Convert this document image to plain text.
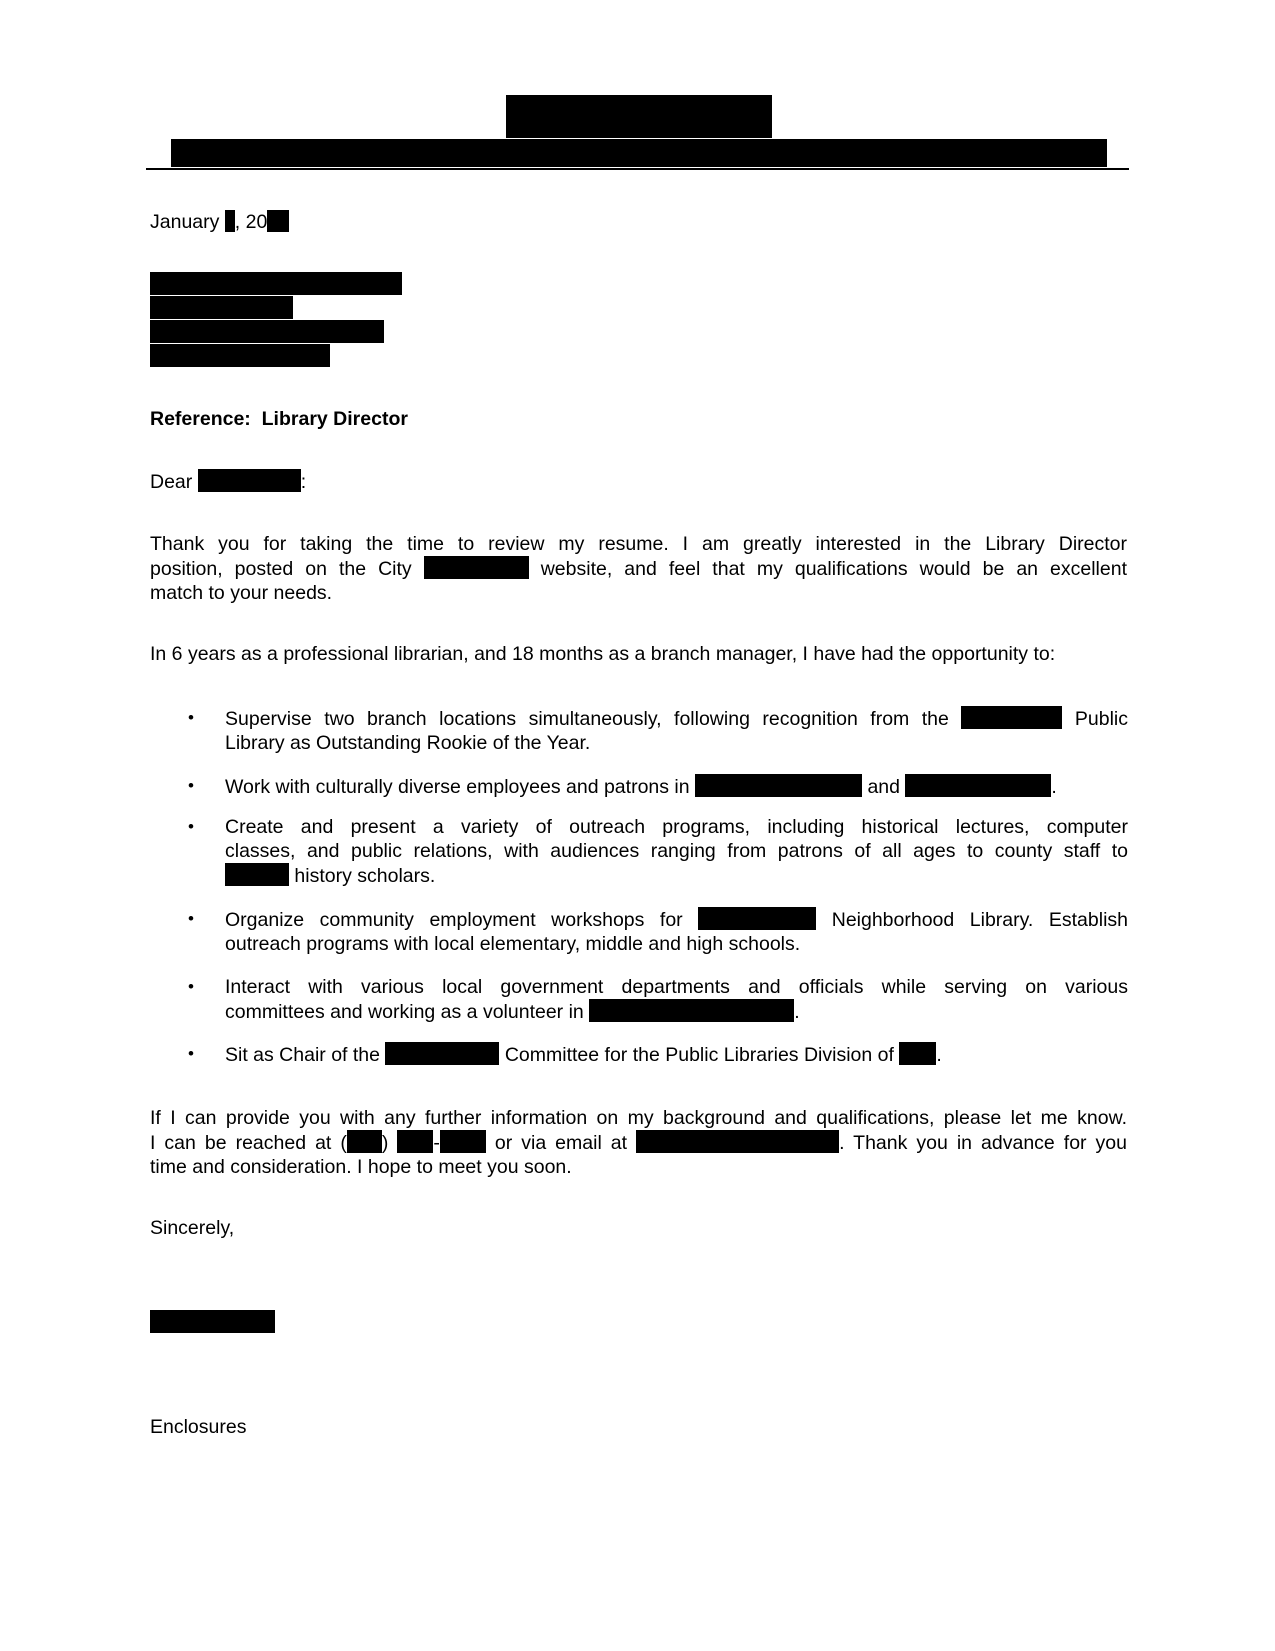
January , 20
Reference: Library Director
Dear	:
Thank you for taking the time to review my resume. I am greatly interested in the Library Director
position, posted on the City	website, and feel that my qualifications would be an excellent
match to your needs.
In 6 years as a professional librarian, and 18 months as a branch manager, I have had the opportunity to:
• Supervise two branch locations simultaneously, following recognition from the	Public
Library as Outstanding Rookie of the Year.
• Work with culturally diverse employees and patrons in	and	.
• Create and present a variety of outreach programs, including historical lectures, computer
classes, and public relations, with audiences ranging from patrons of all ages to county staff to
history scholars.
• Organize community employment workshops for	Neighborhood Library. Establish
outreach programs with local elementary, middle and high schools.
• Interact with various local government departments and officials while serving on various
committees and working as a volunteer in	.
• Sit as Chair of the	Committee for the Public Libraries Division of .
If I can provide you with any further information on my background and qualifications, please let me know.
I can be reached at ( ) -	or via email at	. Thank you in advance for you
time and consideration. I hope to meet you soon.
Sincerely,
Enclosures
